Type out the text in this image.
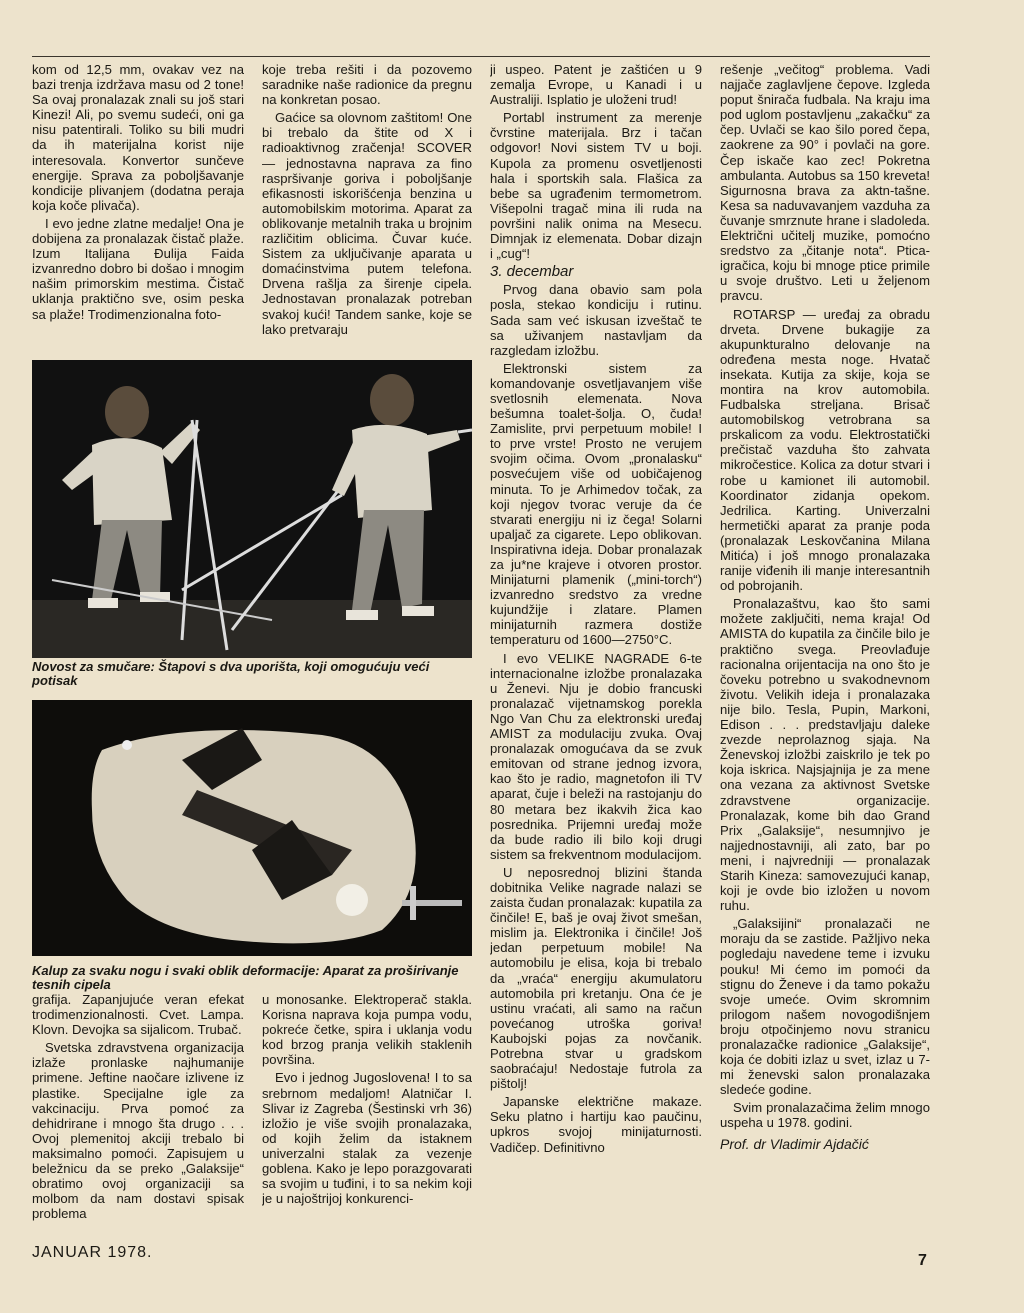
kom od 12,5 mm, ovakav vez na bazi trenja izdržava masu od 2 tone! Sa ovaj pronalazak znali su još stari Kinezi! Ali, po svemu sudeći, oni ga nisu patentirali. Toliko su bili mudri da ih materijalna korist nije interesovala. Konvertor sunčeve energije. Sprava za poboljšavanje kondicije plivanjem (dodatna peraja koja koče plivača).

I evo jedne zlatne medalje! Ona je dobijena za pronalazak čistač plaže. Izum Italijana Đulija Faida izvanredno dobro bi došao i mnogim našim primorskim mestima. Čistač uklanja praktično sve, osim peska sa plaže! Trodimenzionalna foto-

koje treba rešiti i da pozovemo saradnike naše radionice da pregnu na konkretan posao.

Gaćice sa olovnom zaštitom! One bi trebalo da štite od X i radioaktivnog zračenja! SCOVER — jednostavna naprava za fino raspršivanje goriva i poboljšanje efikasnosti iskorišćenja benzina u automobilskim motorima. Aparat za oblikovanje metalnih traka u brojnim različitim oblicima. Čuvar kuće. Sistem za uključivanje aparata u domaćinstvima putem telefona. Drvena rašlja za širenje cipela. Jednostavan pronalazak potreban svakoj kući! Tandem sanke, koje se lako pretvaraju

Novost za smučare: Štapovi s dva uporišta, koji omogućuju veći potisak
Kalup za svaku nogu i svaki oblik deformacije: Aparat za proširivanje tesnih cipela

grafija. Zapanjujuće veran efekat trodimenzionalnosti. Cvet. Lampa. Klovn. Devojka sa sijalicom. Trubač.

Svetska zdravstvena organizacija izlaže pronlaske najhumanije primene. Jeftine naočare izlivene iz plastike. Specijalne igle za vakcinaciju. Prva pomoć za dehidrirane i mnogo šta drugo . . . Ovoj plemenitoj akciji trebalo bi maksimalno pomoći. Zapisujem u beležnicu da se preko „Galaksije“ obratimo ovoj organizaciji sa molbom da nam dostavi spisak problema

u monosanke. Elektroperač stakla. Korisna naprava koja pumpa vodu, pokreće četke, spira i uklanja vodu kod brzog pranja velikih staklenih površina.

Evo i jednog Jugoslovena! I to sa srebrnom medaljom! Alatničar I. Slivar iz Zagreba (Šestinski vrh 36) izložio je više svojih pronalazaka, od kojih želim da istaknem univerzalni stalak za vezenje goblena. Kako je lepo porazgovarati sa svojim u tuđini, i to sa nekim koji je u najoštrijoj konkurenci-

ji uspeo. Patent je zaštićen u 9 zemalja Evrope, u Kanadi i u Australiji. Isplatio je uloženi trud!

Portabl instrument za merenje čvrstine materijala. Brz i tačan odgovor! Novi sistem TV u boji. Kupola za promenu osvetljenosti hala i sportskih sala. Flašica za bebe sa ugrađenim termometrom. Višepolni tragač mina ili ruda na površini nalik onima na Mesecu. Dimnjak iz elemenata. Dobar dizajn i „cug“!

3. decembar

Prvog dana obavio sam pola posla, stekao kondiciju i rutinu. Sada sam već iskusan izveštač te sa uživanjem nastavljam da razgledam izložbu.

Elektronski sistem za komandovanje osvetljavanjem više svetlosnih elemenata. Nova bešumna toalet-šolja. O, čuda! Zamislite, prvi perpetuum mobile! I to prve vrste! Prosto ne verujem svojim očima. Ovom „pronalasku“ posvećujem više od uobičajenog minuta. To je Arhimedov točak, za koji njegov tvorac veruje da će stvarati energiju ni iz čega! Solarni upaljač za cigarete. Lepo oblikovan. Inspirativna ideja. Dobar pronalazak za ju*ne krajeve i otvoren prostor. Minijaturni plamenik („mini-torch“) izvanredno sredstvo za vredne kujundžije i zlatare. Plamen minijaturnih razmera dostiže temperaturu od 1600—2750°C.

I evo VELIKE NAGRADE 6-te internacionalne izložbe pronalazaka u Ženevi. Nju je dobio francuski pronalazač vijetnamskog porekla Ngo Van Chu za elektronski uređaj AMIST za modulaciju zvuka. Ovaj pronalazak omogućava da se zvuk emitovan od strane jednog izvora, kao što je radio, magnetofon ili TV aparat, čuje i beleži na rastojanju do 80 metara bez ikakvih žica kao posrednika. Prijemni uređaj može da bude radio ili bilo koji drugi sistem sa frekventnom modulacijom.

U neposrednoj blizini štanda dobitnika Velike nagrade nalazi se zaista čudan pronalazak: kupatila za činčile! E, baš je ovaj život smešan, mislim ja. Elektronika i činčile! Još jedan perpetuum mobile! Na automobilu je elisa, koja bi trebalo da „vraća“ energiju akumulatoru automobila pri kretanju. Ona će je ustinu vraćati, ali samo na račun povećanog utroška goriva! Kaubojski pojas za novčanik. Potrebna stvar u gradskom saobraćaju! Nedostaje futrola za pištolj!

Japanske električne makaze. Seku platno i hartiju kao paučinu, upkros svojoj minijaturnosti. Vadičep. Definitivno

rešenje „večitog“ problema. Vadi najjače zaglavljene čepove. Izgleda poput šnirača fudbala. Na kraju ima pod uglom postavljenu „zakačku“ za čep. Uvlači se kao šilo pored čepa, zaokrene za 90° i povlači na gore. Čep iskače kao zec! Pokretna ambulanta. Autobus sa 150 kreveta! Sigurnosna brava za aktn-tašne. Kesa sa naduvavanjem vazduha za čuvanje smrznute hrane i sladoleda. Električni učitelj muzike, pomoćno sredstvo za „čitanje nota“. Ptica-igračica, koju bi mnoge ptice primile u svoje društvo. Leti u željenom pravcu.

ROTARSP — uređaj za obradu drveta. Drvene bukagije za akupunkturalno delovanje na određena mesta noge. Hvatač insekata. Kutija za skije, koja se montira na krov automobila. Fudbalska streljana. Brisač automobilskog vetrobrana sa prskalicom za vodu. Elektrostatički prečistač vazduha što zahvata mikročestice. Kolica za dotur stvari i robe u kamionet ili automobil. Koordinator zidanja opekom. Jedrilica. Karting. Univerzalni hermetički aparat za pranje poda (pronalazak Leskovčanina Milana Mitića) i još mnogo pronalazaka ranije viđenih ili manje interesantnih od pobrojanih.

Pronalazaštvu, kao što sami možete zaključiti, nema kraja! Od AMISTA do kupatila za činčile bilo je praktično svega. Preovlađuje racionalna orijentacija na ono što je čoveku potrebno u svakodnevnom životu. Velikih ideja i pronalazaka nije bilo. Tesla, Pupin, Markoni, Edison . . . predstavljaju daleke zvezde neprolaznog sjaja. Na Ženevskoj izložbi zaiskrilo je tek po koja iskrica. Najsjajnija je za mene ona vezana za aktivnost Svetske zdravstvene organizacije. Pronalazak, kome bih dao Grand Prix „Galaksije“, nesumnjivo je najjednostavniji, ali zato, bar po meni, i najvredniji — pronalazak Starih Kineza: samovezujući kanap, koji je ovde bio izložen u novom ruhu.

„Galaksijini“ pronalazači ne moraju da se zastide. Pažljivo neka pogledaju navedene teme i izvuku pouku! Mi ćemo im pomoći da stignu do Ženeve i da tamo pokažu svoje umeće. Ovim skromnim prilogom našem novogodišnjem broju otpočinjemo novu stranicu pronalazačke radionice „Galaksije“, koja će dobiti izlaz u svet, izlaz u 7-mi ženevski salon pronalazaka sledeće godine.

Svim pronalazačima želim mnogo uspeha u 1978. godini.

Prof. dr Vladimir Ajdačić

JANUAR 1978.	7
